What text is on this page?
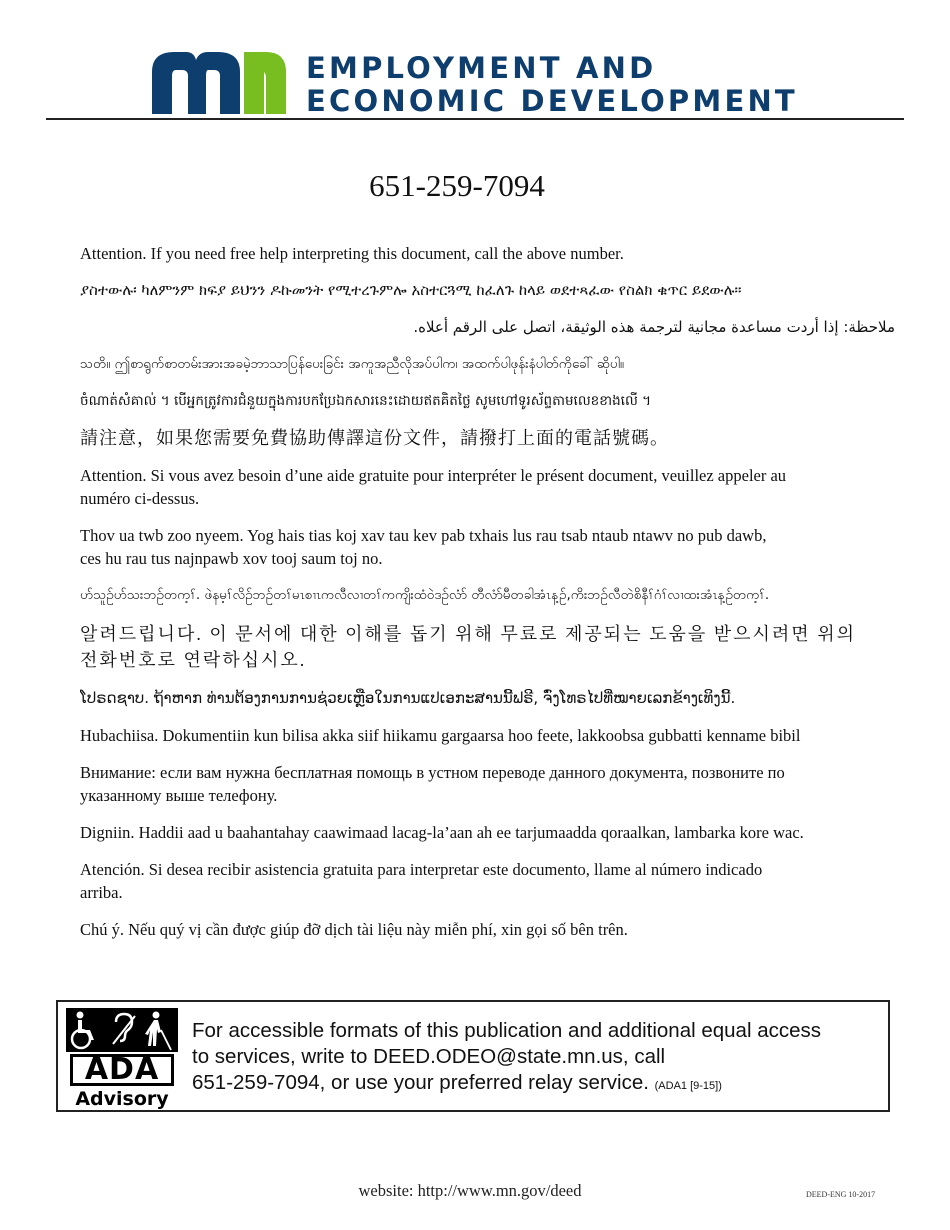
EMPLOYMENT AND
ECONOMIC DEVELOPMENT
651-259-7094

Attention. If you need free help interpreting this document, call the above number.

ያስተውሉ፡ ካለምንም ክፍያ ይህንን ዶኩመንት የሚተረጉምሎ አስተርጓሚ ከፈለጉ ከላይ ወደተጻፈው የስልክ ቁጥር ይደውሉ።

ملاحظة: إذا أردت مساعدة مجانية لترجمة هذه الوثيقة، اتصل على الرقم أعلاه.

သတိ။ ဤစာရွက်စာတမ်းအားအခမဲ့ဘာသာပြန်ပေးခြင်း အကူအညီလိုအပ်ပါက၊ အထက်ပါဖုန်းနံပါတ်ကိုခေါ် ဆိုပါ။

ចំណាត់សំគាល់ ។ បើអ្នកត្រូវការជំនួយក្នុងការបកប្រែឯកសារនេះដោយឥតគិតថ្លៃ សូមហៅទូរស័ព្ទតាមលេខខាងលើ ។

請注意，如果您需要免費協助傳譯這份文件，請撥打上面的電話號碼。

Attention. Si vous avez besoin d’une aide gratuite pour interpréter le présent document, veuillez appeler au
numéro ci-dessus.

Thov ua twb zoo nyeem. Yog hais tias koj xav tau kev pab txhais lus rau tsab ntaub ntawv no pub dawb,
ces hu rau tus najnpawb xov tooj saum toj no.

ဟ်သူဉ်ဟ်သးဘဉ်တက့ၢ်. ဖဲနမ့ၢ်လိဉ်ဘဉ်တၢ်မၤစၢၤကလီလၢတၢ်ကကျိးထံဝဲဒဉ်လံာ် တီလံာ်မီတခါအံၤန့ဉ်,ကိးဘဉ်လီတဲစိနီၢ်ဂံၢ်လၢထးအံၤန့ဉ်တက့ၢ်.

알려드립니다. 이 문서에 대한 이해를 돕기 위해 무료로 제공되는 도움을 받으시려면 위의
전화번호로 연락하십시오.

ໂປຣດຊາບ. ຖ້າຫາກ ທ່ານຕ້ອງການການຊ່ວຍເຫຼືອໃນການແປເອກະສານນີ້ຟຣີ, ຈົ່ງໂທຣໄປທີ່ໝາຍເລກຂ້າງເທິງນີ້.

Hubachiisa. Dokumentiin kun bilisa akka siif hiikamu gargaarsa hoo feete, lakkoobsa gubbatti kenname bibil

Внимание: если вам нужна бесплатная помощь в устном переводе данного документа, позвоните по
указанному выше телефону.

Digniin. Haddii aad u baahantahay caawimaad lacag-la’aan ah ee tarjumaadda qoraalkan, lambarka kore wac.

Atención. Si desea recibir asistencia gratuita para interpretar este documento, llame al número indicado
arriba.

Chú ý. Nếu quý vị cần được giúp đỡ dịch tài liệu này miễn phí, xin gọi số bên trên.

ADA
Advisory
For accessible formats of this publication and additional equal access
to services, write to DEED.ODEO@state.mn.us, call
651-259-7094, or use your preferred relay service. (ADA1 [9-15])
website: http://www.mn.gov/deed	DEED-ENG 10-2017
